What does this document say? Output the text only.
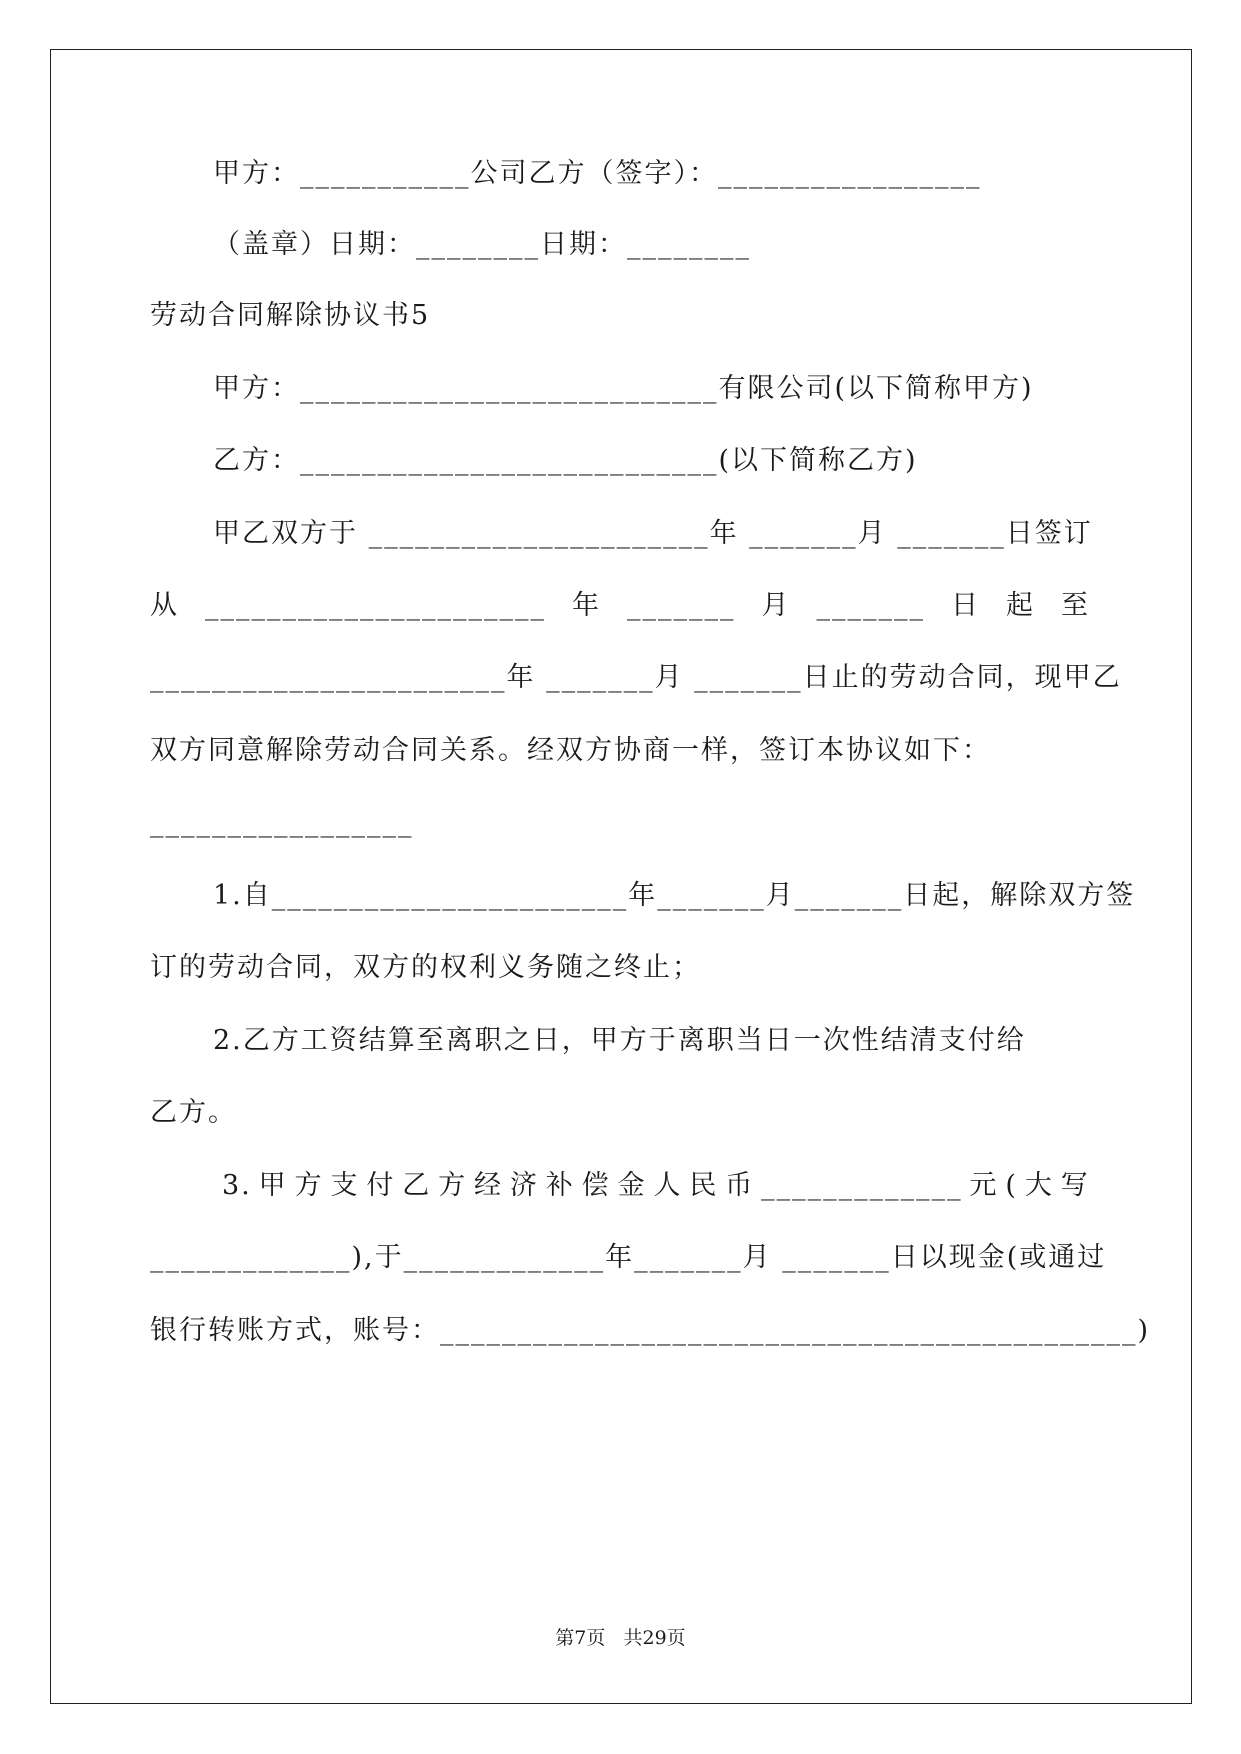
甲方：___________公司乙方（签字）：_________________
（盖章）日期：________日期：________
劳动合同解除协议书5
甲方：___________________________有限公司(以下简称甲方)
乙方：___________________________(以下简称乙方)
甲乙双方于 ______________________年 _______月 _______日签订
从 ______________________ 年 _______ 月 _______ 日 起 至
_______________________年 _______月 _______日止的劳动合同，现甲乙
双方同意解除劳动合同关系。经双方协商一样，签订本协议如下：
_________________
1.自_______________________年_______月_______日起，解除双方签
订的劳动合同，双方的权利义务随之终止；
2.乙方工资结算至离职之日，甲方于离职当日一次性结清支付给
乙方。
3. 甲 方 支 付 乙 方 经 济 补 偿 金 人 民 币 _____________ 元 ( 大 写
_____________),于_____________年_______月 _______日以现金(或通过
银行转账方式，账号：_____________________________________________)
第7页   共29页
